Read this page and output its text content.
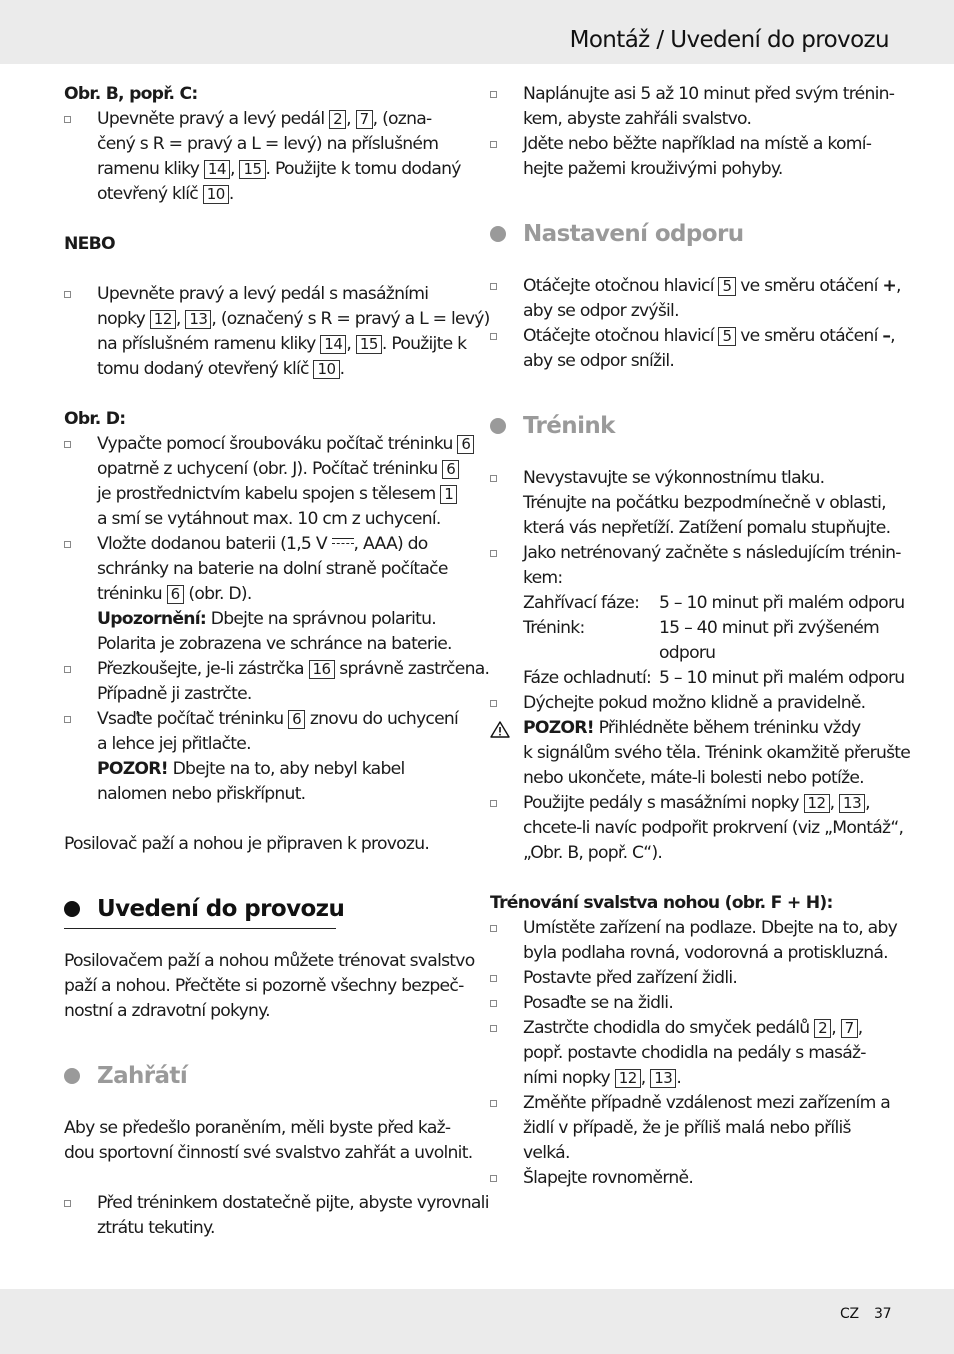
Montáž / Uvedení do provozu
Obr. B, popř. C:
Upevněte pravý a levý pedál 2 , 7 , (ozna-
čený s R = pravý a L = levý) na příslušném
ramenu kliky 14 , 15 . Použijte k tomu dodaný
otevřený klíč 10 .
NEBO
Upevněte pravý a levý pedál s masážními
nopky 12 , 13 , (označený s R = pravý a L = levý)
na příslušném ramenu kliky 14 , 15 . Použijte k
tomu dodaný otevřený klíč 10 .
Obr. D:
Vypačte pomocí šroubováku počítač tréninku 6
opatrně z uchycení (obr. J). Počítač tréninku 6
je prostřednictvím kabelu spojen s tělesem 1
a smí se vytáhnout max. 10 cm z uchycení.
Vložte dodanou baterii (1,5 V , AAA) do
schránky na baterie na dolní straně počítače
tréninku 6 (obr. D).
Upozornění: Dbejte na správnou polaritu.
Polarita je zobrazena ve schránce na baterie.
Přezkoušejte, je-li zástrčka 16 správně zastrčena.
Případně ji zastrčte.
Vsaďte počítač tréninku 6 znovu do uchycení
a lehce jej přitlačte.
POZOR! Dbejte na to, aby nebyl kabel
nalomen nebo přiskřípnut.
Posilovač paží a nohou je připraven k provozu.
Uvedení do provozu
Posilovačem paží a nohou můžete trénovat svalstvo
paží a nohou. Přečtěte si pozorně všechny bezpeč-
nostní a zdravotní pokyny.
Zahřátí
Aby se předešlo poraněním, měli byste před kaž-
dou sportovní činností své svalstvo zahřát a uvolnit.
Před tréninkem dostatečně pijte, abyste vyrovnali
ztrátu tekutiny.
Naplánujte asi 5 až 10 minut před svým trénin-
kem, abyste zahřáli svalstvo.
Jděte nebo běžte například na místě a komí-
hejte pažemi krouživými pohyby.
Nastavení odporu
Otáčejte otočnou hlavicí 5 ve směru otáčení +,
aby se odpor zvýšil.
Otáčejte otočnou hlavicí 5 ve směru otáčení –,
aby se odpor snížil.
Trénink
Nevystavujte se výkonnostnímu tlaku.
Trénujte na počátku bezpodmínečně v oblasti,
která vás nepřetíží. Zatížení pomalu stupňujte.
Jako netrénovaný začněte s následujícím trénin-
kem:
Zahřívací fáze:	5 – 10 minut při malém odporu
Trénink:	15 – 40 minut při zvýšeném
odporu
Fáze ochladnutí: 5 – 10 minut při malém odporu
Dýchejte pokud možno klidně a pravidelně.
POZOR! Přihlédněte během tréninku vždy
k signálům svého těla. Trénink okamžitě přerušte
nebo ukončete, máte-li bolesti nebo potíže.
Použijte pedály s masážními nopky 12 , 13 ,
chcete-li navíc podpořit prokrvení (viz „Montáž“,
„Obr. B, popř. C“).
Trénování svalstva nohou (obr. F + H):
Umístěte zařízení na podlaze. Dbejte na to, aby
byla podlaha rovná, vodorovná a protiskluzná.
Postavte před zařízení židli.
Posaďte se na židli.
Zastrčte chodidla do smyček pedálů 2 , 7 ,
popř. postavte chodidla na pedály s masáž-
ními nopky 12 , 13 .
Změňte případně vzdálenost mezi zařízením a
židlí v případě, že je příliš malá nebo příliš
velká.
Šlapejte rovnoměrně.
CZ 37
